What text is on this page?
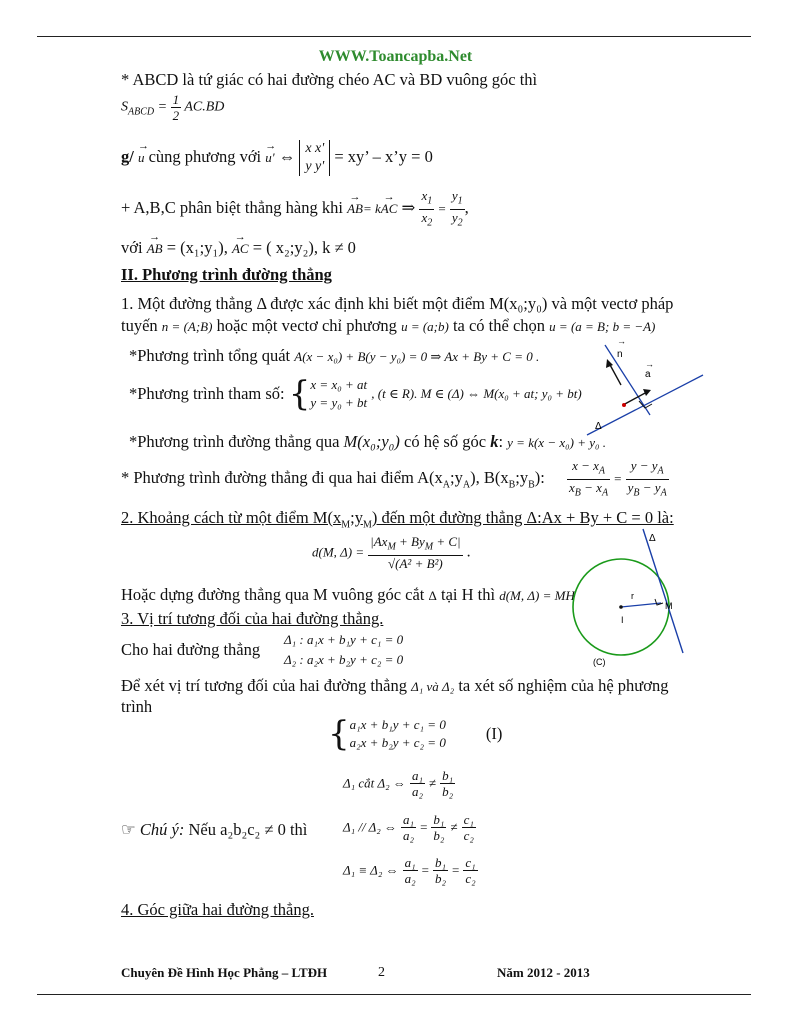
WWW.Toancapba.Net
* ABCD là tứ giác có hai đường chéo AC và BD vuông góc thì
$S_{ABCD} = \frac{1}{2} AC.BD$
g/ → u cùng phương với → u' ⇔ x x'
y y'
= xy’ – x’y = 0
+ A,B,C phân biệt thẳng hàng khi → AB= k→ AC ⇒ $\frac{x_1}{x_2} = \frac{y_1}{y_2}$ ,
với → AB = (x₁;y₁), → AC = ( x₂;y₂), k ≠ 0
II. Phương trình đường thẳng
1. Một đường thẳng Δ được xác định khi biết một điểm M(x₀;y₀) và một vectơ pháp
tuyến n = (A;B) hoặc một vectơ chỉ phương u = (a;b) ta có thể chọn u = (a = B; b = −A)
*Phương trình tổng quát A(x − x₀) + B(y − y₀) = 0 ⇒ Ax + By + C = 0 .
*Phương trình tham số: { x = x₀ + at
y = y₀ + bt
, (t ∈ R). M ∈ (Δ) ⇔ M(x₀ + at; y₀ + bt)
*Phương trình đường thẳng qua M(x₀;y₀) có hệ số góc k: y = k(x − x₀) + y₀ .
* Phương trình đường thẳng đi qua hai điểm $A(x_A;y_A)$, $B(x_B;y_B)$: $\frac{x - x_A}{x_B - x_A} = \frac{y - y_A}{y_B - y_A}$
2. Khoảng cách từ một điểm $M(x_M;y_M)$ đến một đường thẳng Δ:Ax + By + C = 0 là:
d(M, $\Delta) = \frac{|Ax_M + By_M + C|}{\text{√(A² + B²)}}$ .
Hoặc dựng đường thẳng qua M vuông góc cắt Δ tại H thì d(M, Δ) = MH
3. Vị trí tương đối của hai đường thẳng.
Cho hai đường thẳng
Δ₁ : a₁x + b₁y + c₁ = 0
Δ₂ : a₂x + b₂y + c₂ = 0
Để xét vị trí tương đối của hai đường thẳng Δ₁ và Δ₂ ta xét số nghiệm của hệ phương
trình
{ a₁x + b₁y + c₁ = 0
a₂x + b₂y + c₂ = 0 (I)
Δ₁ cắt Δ₂ ⇔ $\frac{\text{a₁}}{\text{a₂}} \ne \frac{\text{b₁}}{\text{b₂}}$
☞ Chú ý: Nếu a₂b₂c₂ ≠ 0 thì	Δ₁ // Δ₂ ⇔ $\frac{\text{a₁}}{\text{a₂}} = \frac{\text{b₁}}{\text{b₂}} \ne \frac{\text{c₁}}{\text{c₂}}$
Δ₁ ≡ Δ₂ ⇔ $\frac{\text{a₁}}{\text{a₂}} = \frac{\text{b₁}}{\text{b₂}} = \frac{\text{c₁}}{\text{c₂}}$
4. Góc giữa hai đường thẳng.
n
a
Δ
→
→
Δ
r
M
I
(C)
Chuyên Đề Hình Học Phẳng – LTĐH	2	Năm 2012 - 2013
